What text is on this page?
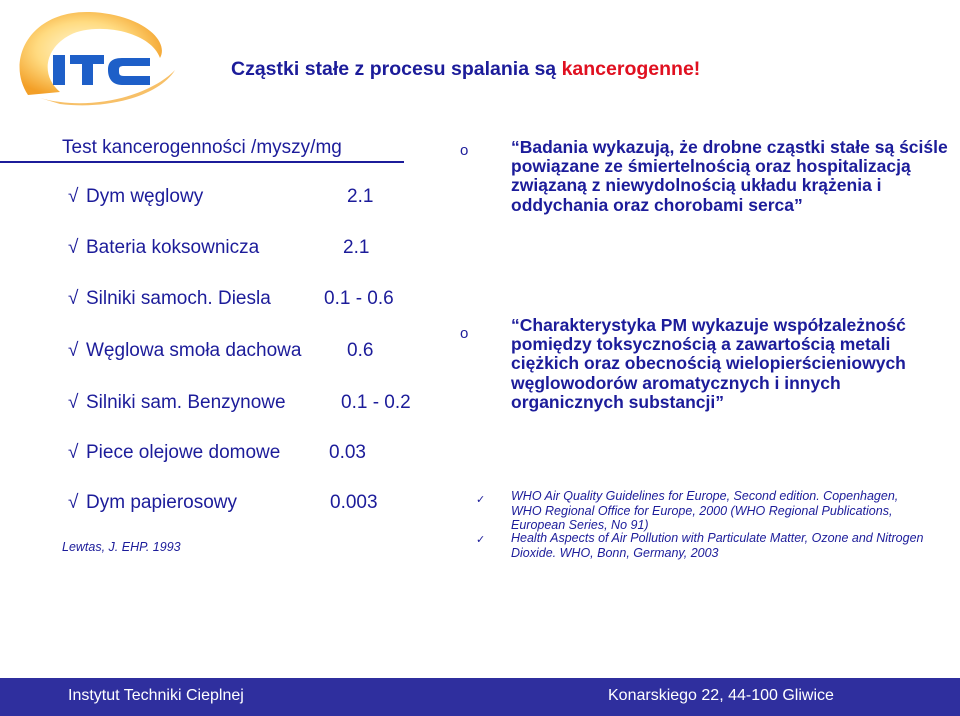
Cząstki stałe z procesu spalania są kancerogenne!
Test kancerogenności /myszy/mg
√ Dym węglowy	2.1
√ Bateria koksownicza	2.1
√ Silniki samoch. Diesla	0.1 - 0.6
√ Węglowa smoła dachowa 0.6
√ Silniki sam. Benzynowe	0.1 - 0.2
√ Piece olejowe domowe	0.03
√ Dym papierosowy	0.003
Lewtas, J. EHP. 1993
o “Badania wykazują, że drobne cząstki stałe są ściśle powiązane ze śmiertelnością oraz hospitalizacją związaną z niewydolnością układu krążenia i oddychania oraz chorobami serca”
o “Charakterystyka PM wykazuje współzależność pomiędzy toksycznością a zawartością metali ciężkich oraz obecnością wielopierścieniowych węglowodorów aromatycznych i innych organicznych substancji”
✓ WHO Air Quality Guidelines for Europe, Second edition. Copenhagen, WHO Regional Office for Europe, 2000 (WHO Regional Publications, European Series, No 91)
✓ Health Aspects of Air Pollution with Particulate Matter, Ozone and Nitrogen Dioxide. WHO, Bonn, Germany, 2003
Instytut Techniki Cieplnej	Konarskiego 22, 44-100 Gliwice
